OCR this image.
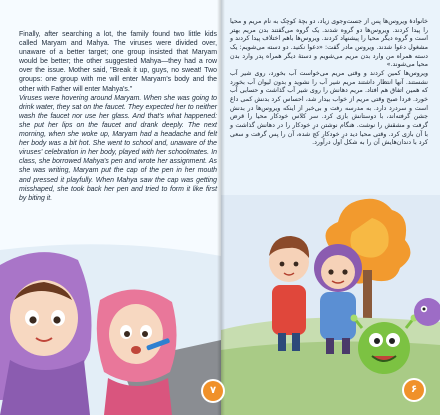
Finally, after searching a lot, the family found two little kids called Maryam and Mahya. The viruses were divided over, unaware of a better target; one group insisted that Maryam would be better; the other suggested Mahya—they had a row over the issue. Mother said, "Break it up, guys, no sweat! Two groups: one group with me will enter Maryam's body and the other with Father will enter Mahya's."

Viruses were hovering around Maryam. When she was going to drink water, they sat on the faucet. They expected her to neither wash the faucet nor use her glass. And that's what happened: she put her lips on the faucet and drank deeply. The next morning, when she woke up, Maryam had a headache and felt her body was a bit hot. She went to school and, unaware of the viruses' celebration in her body, played with her schoolmates. In class, she borrowed Mahya's pen and wrote her assignment. As she was writing, Maryam put the cap of the pen in her mouth and pressed it playfully. When Mahya saw the cap was getting misshaped, she took back her pen and tried to form it like first by biting it.

خانوادهٔ ویروس‌ها پس از جست‌وجوی زیاد، دو بچهٔ کوچک به نام مریم و محیا را پیدا کردند. ویروس‌ها دو گروه شدند. یک گروه می‌گفتند بدن مریم بهتر است و گروه دیگر محیا را پیشنهاد کردند. ویروس‌ها باهم اختلاف پیدا کردند و مشغول دعوا شدند. ویروس مادر گفت: «دعوا نکنید. دو دسته می‌شویم: یک دسته همراه من وارد بدن مریم می‌شویم و دستهٔ دیگر همراه پدر وارد بدن محیا می‌شوند.»

ویروس‌ها کمین کردند و وقتی مریم می‌خواست آب بخورد، روی شیر آب نشستند. آنها انتظار داشتند مریم شیر آب را نشوید و بدون لیوان آب بخورد که همین اتفاق هم افتاد. مریم دهانش را روی شیر آب گذاشت و حسابی آب خورد. فردا صبح وقتی مریم از خواب بیدار شد، احساس کرد بدنش کمی داغ است و سردرد دارد. به مدرسه رفت و بی‌خبر از اینکه ویروس‌ها در بدنش جشن گرفته‌اند، با دوستانش بازی کرد. سر کلاس خودکار محیا را قرض گرفت و مشقش را نوشت. هنگام نوشتن درِ خودکار را در دهانش گذاشت و با آن بازی کرد. وقتی محیا دید درِ خودکار کج شده، آن را پس گرفت و سعی کرد با دندان‌هایش آن را به شکل اول درآورد.

۷	۶
